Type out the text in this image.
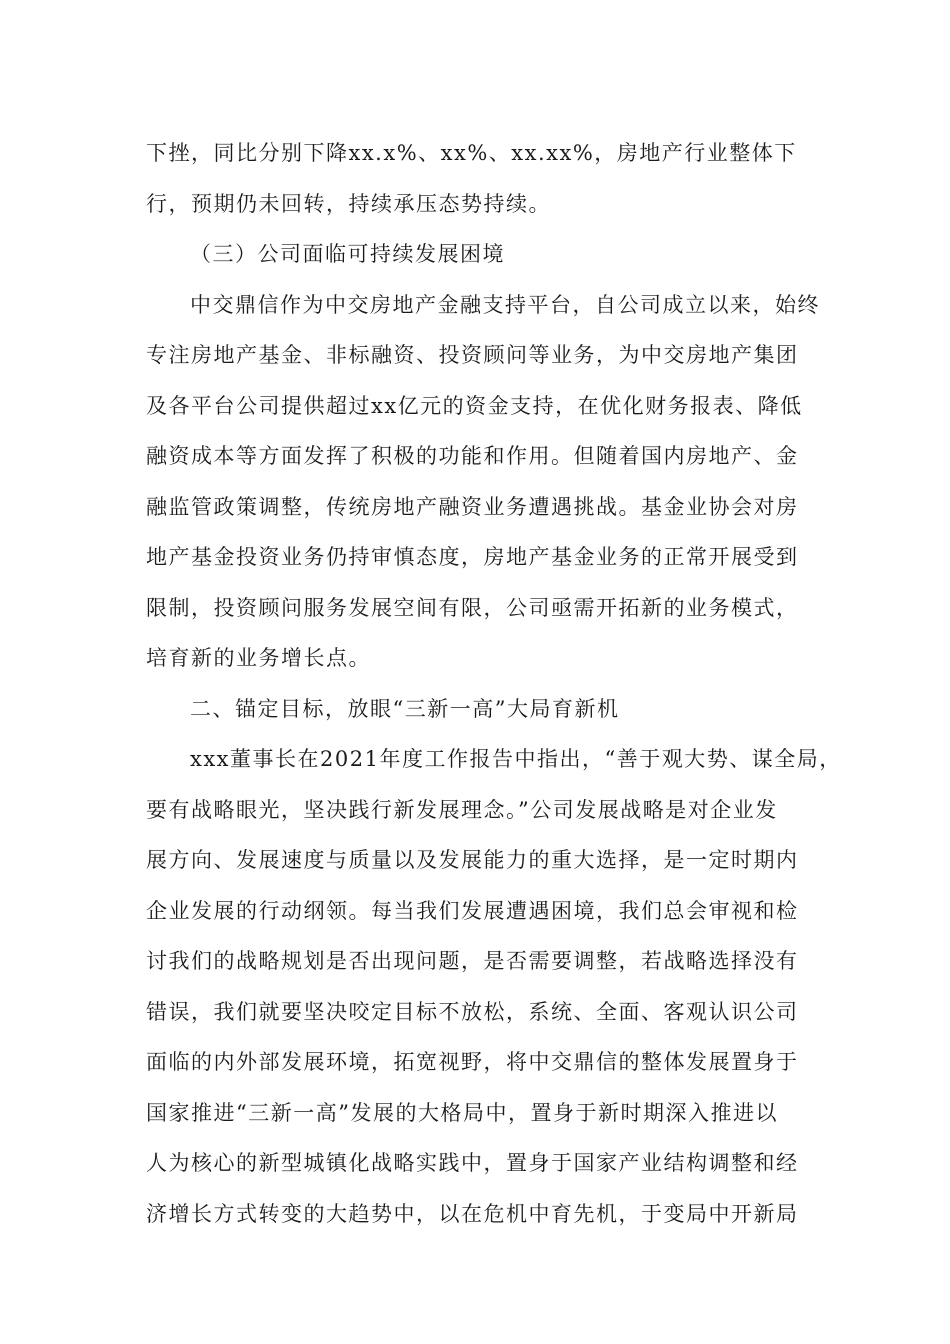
下挫，同比分别下降xx.x%、xx%、xx.xx%，房地产行业整体下
行，预期仍未回转，持续承压态势持续。
（三）公司面临可持续发展困境
中交鼎信作为中交房地产金融支持平台，自公司成立以来，始终
专注房地产基金、非标融资、投资顾问等业务，为中交房地产集团
及各平台公司提供超过xx亿元的资金支持，在优化财务报表、降低
融资成本等方面发挥了积极的功能和作用。但随着国内房地产、金
融监管政策调整，传统房地产融资业务遭遇挑战。基金业协会对房
地产基金投资业务仍持审慎态度，房地产基金业务的正常开展受到
限制，投资顾问服务发展空间有限，公司亟需开拓新的业务模式，
培育新的业务增长点。
二、锚定目标，放眼“三新一高”大局育新机
xxx董事长在2021年度工作报告中指出，“善于观大势、谋全局，
要有战略眼光，坚决践行新发展理念。”公司发展战略是对企业发
展方向、发展速度与质量以及发展能力的重大选择，是一定时期内
企业发展的行动纲领。每当我们发展遭遇困境，我们总会审视和检
讨我们的战略规划是否出现问题，是否需要调整，若战略选择没有
错误，我们就要坚决咬定目标不放松，系统、全面、客观认识公司
面临的内外部发展环境，拓宽视野，将中交鼎信的整体发展置身于
国家推进“三新一高”发展的大格局中，置身于新时期深入推进以
人为核心的新型城镇化战略实践中，置身于国家产业结构调整和经
济增长方式转变的大趋势中，以在危机中育先机，于变局中开新局
